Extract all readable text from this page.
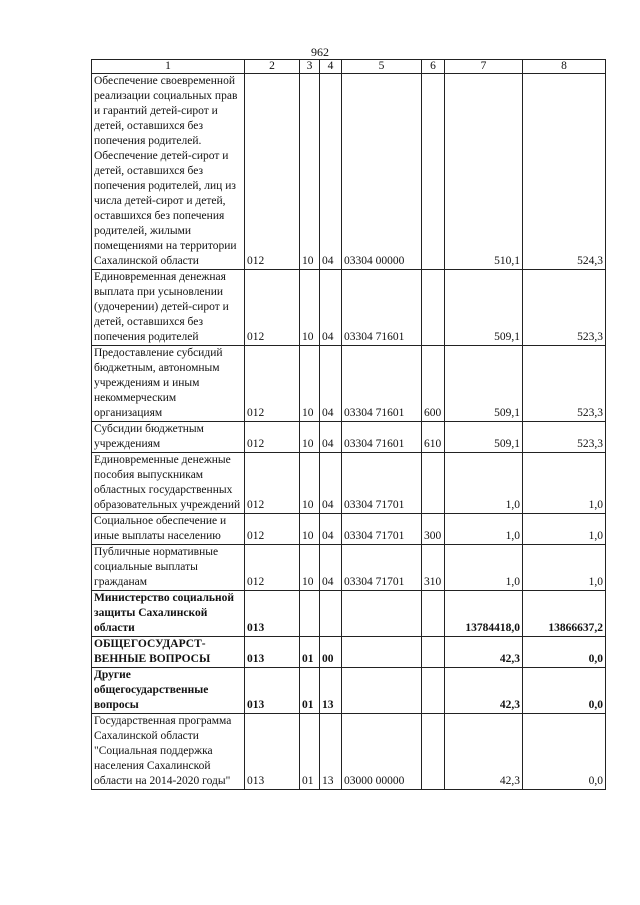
962
1	2	3	4	5	6	7	8
Обеспечение своевременной реализации социальных прав и гарантий детей-сирот и детей, оставшихся без попечения родителей. Обеспечение детей-сирот и детей, оставшихся без попечения родителей, лиц из числа детей-сирот и детей, оставшихся без попечения родителей, жилыми помещениями на территории Сахалинской области	012	10	04	03304 00000		510,1	524,3
Единовременная денежная выплата при усыновлении (удочерении) детей-сирот и детей, оставшихся без попечения родителей	012	10	04	03304 71601		509,1	523,3
Предоставление субсидий бюджетным, автономным учреждениям и иным некоммерческим организациям	012	10	04	03304 71601	600	509,1	523,3
Субсидии бюджетным учреждениям	012	10	04	03304 71601	610	509,1	523,3
Единовременные денежные пособия выпускникам областных государственных образовательных учреждений	012	10	04	03304 71701		1,0	1,0
Социальное обеспечение и иные выплаты населению	012	10	04	03304 71701	300	1,0	1,0
Публичные нормативные социальные выплаты гражданам	012	10	04	03304 71701	310	1,0	1,0
Министерство социальной защиты Сахалинской области	013					13784418,0	13866637,2
ОБЩЕГОСУДАРСТ-ВЕННЫЕ ВОПРОСЫ	013	01	00			42,3	0,0
Другие общегосударственные вопросы	013	01	13			42,3	0,0
Государственная программа Сахалинской области "Социальная поддержка населения Сахалинской области на 2014-2020 годы"	013	01	13	03000 00000		42,3	0,0
